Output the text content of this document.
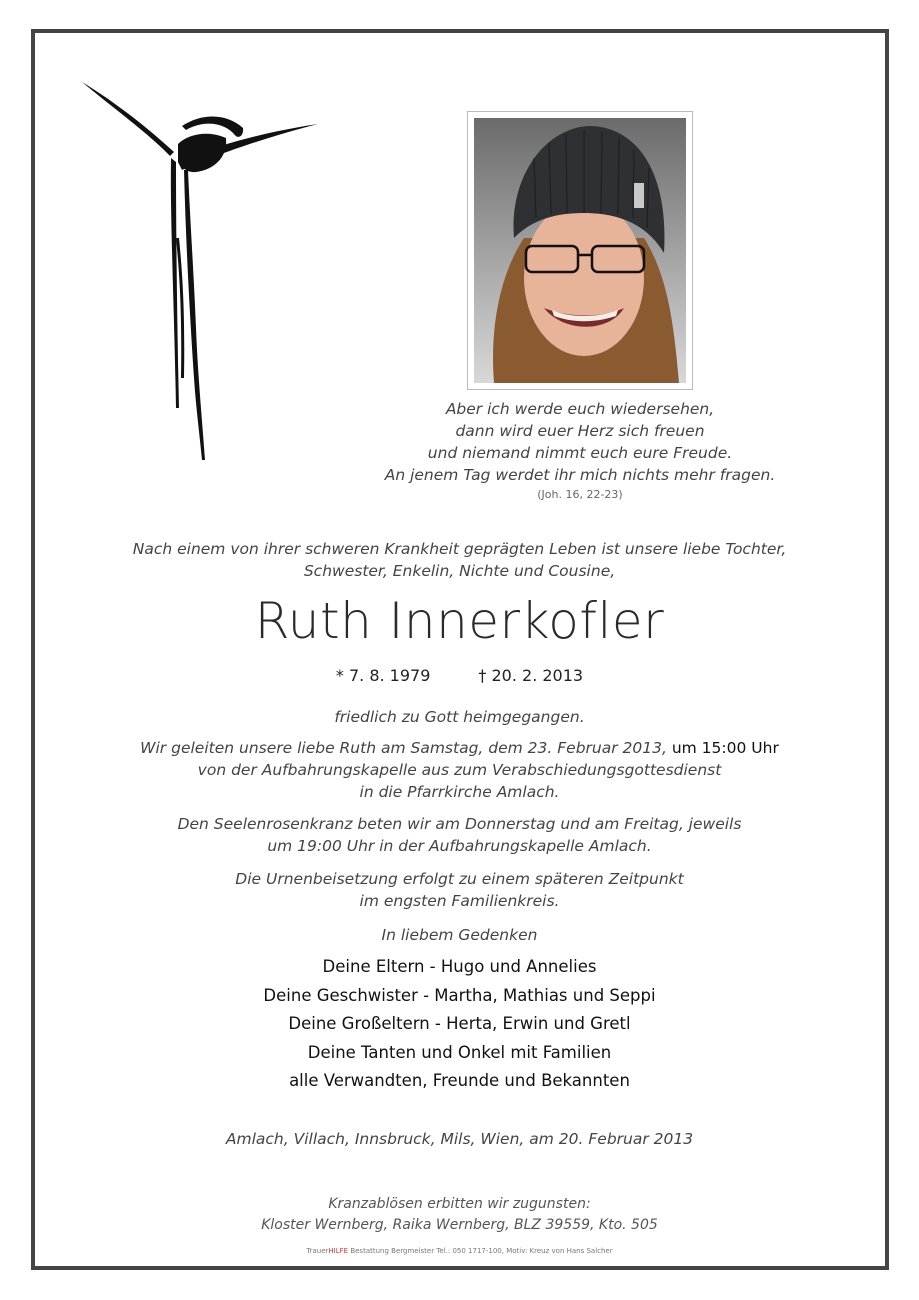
Aber ich werde euch wiedersehen,
dann wird euer Herz sich freuen
und niemand nimmt euch eure Freude.
An jenem Tag werdet ihr mich nichts mehr fragen.
(Joh. 16, 22-23)
Nach einem von ihrer schweren Krankheit geprägten Leben ist unsere liebe Tochter,
Schwester, Enkelin, Nichte und Cousine,
Ruth Innerkofler
* 7. 8. 1979	† 20. 2. 2013
friedlich zu Gott heimgegangen.
Wir geleiten unsere liebe Ruth am Samstag, dem 23. Februar 2013, um 15:00 Uhr
von der Aufbahrungskapelle aus zum Verabschiedungsgottesdienst
in die Pfarrkirche Amlach.
Den Seelenrosenkranz beten wir am Donnerstag und am Freitag, jeweils
um 19:00 Uhr in der Aufbahrungskapelle Amlach.
Die Urnenbeisetzung erfolgt zu einem späteren Zeitpunkt
im engsten Familienkreis.
In liebem Gedenken
Deine Eltern - Hugo und Annelies
Deine Geschwister - Martha, Mathias und Seppi
Deine Großeltern - Herta, Erwin und Gretl
Deine Tanten und Onkel mit Familien
alle Verwandten, Freunde und Bekannten
Amlach, Villach, Innsbruck, Mils, Wien, am 20. Februar 2013
Kranzablösen erbitten wir zugunsten:
Kloster Wernberg, Raika Wernberg, BLZ 39559, Kto. 505
TrauerHILFE Bestattung Bergmeister Tel.: 050 1717-100, Motiv: Kreuz von Hans Salcher
